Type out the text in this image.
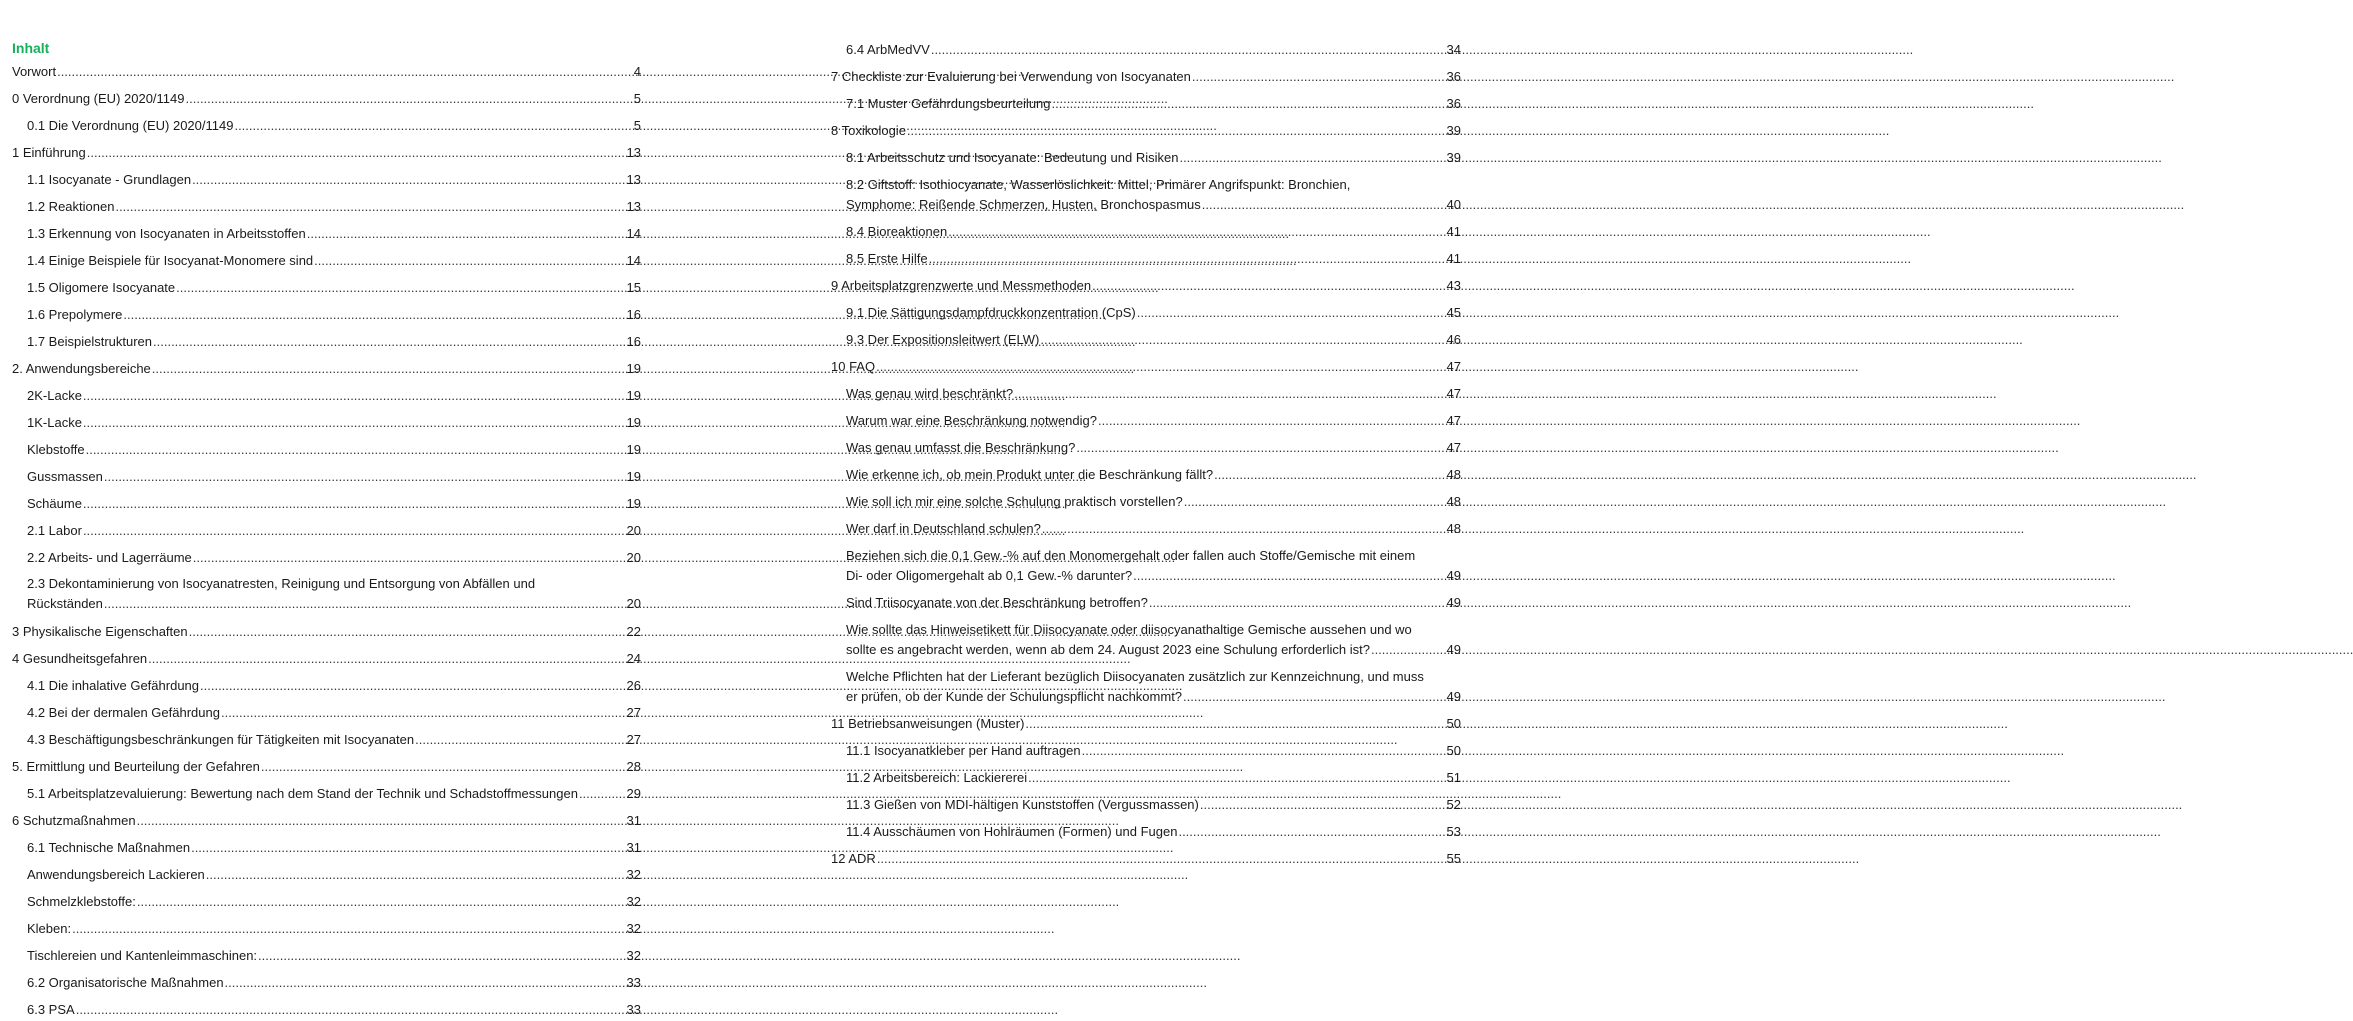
Inhalt
Vorwort .....	4
0 Verordnung (EU) 2020/1149 .....	5
0.1 Die Verordnung (EU) 2020/1149 .....	5
1 Einführung .....	13
1.1 Isocyanate - Grundlagen .....	13
1.2 Reaktionen .....	13
1.3 Erkennung von Isocyanaten in Arbeitsstoffen .....	14
1.4 Einige Beispiele für Isocyanat-Monomere sind .....	14
1.5 Oligomere Isocyanate .....	15
1.6 Prepolymere .....	16
1.7 Beispielstrukturen .....	16
2. Anwendungsbereiche .....	19
2K-Lacke .....	19
1K-Lacke .....	19
Klebstoffe .....	19
Gussmassen .....	19
Schäume .....	19
2.1 Labor .....	20
2.2 Arbeits- und Lagerräume .....	20
2.3 Dekontaminierung von Isocyanatresten, Reinigung und Entsorgung von Abfällen und
Rückständen .....	20
3 Physikalische Eigenschaften .....	22
4 Gesundheitsgefahren .....	24
4.1 Die inhalative Gefährdung .....	26
4.2 Bei der dermalen Gefährdung .....	27
4.3 Beschäftigungsbeschränkungen für Tätigkeiten mit Isocyanaten .....	27
5. Ermittlung und Beurteilung der Gefahren .....	28
5.1 Arbeitsplatzevaluierung: Bewertung nach dem Stand der Technik und Schadstoffmessungen .....	29
6 Schutzmaßnahmen .....	31
6.1 Technische Maßnahmen .....	31
Anwendungsbereich Lackieren .....	32
Schmelzklebstoffe: .....	32
Kleben: .....	32
Tischlereien und Kantenleimmaschinen: .....	32
6.2 Organisatorische Maßnahmen .....	33
6.3 PSA .....	33
6.4 ArbMedVV .....	34
7 Checkliste zur Evaluierung bei Verwendung von Isocyanaten .....	36
7.1 Muster Gefährdungsbeurteilung .....	36
8 Toxikologie .....	39
8.1 Arbeitsschutz und Isocyanate: Bedeutung und Risiken .....	39
8.2 Giftstoff: Isothiocyanate, Wasserlöslichkeit: Mittel, Primärer Angrifspunkt: Bronchien,
Symphome: Reißende Schmerzen, Husten, Bronchospasmus .....	40
8.4 Bioreaktionen .....	41
8.5 Erste Hilfe .....	41
9 Arbeitsplatzgrenzwerte und Messmethoden .....	43
9.1 Die Sättigungsdampfdruckkonzentration (CpS) .....	45
9.3 Der Expositionsleitwert (ELW) .....	46
10 FAQ .....	47
Was genau wird beschränkt? .....	47
Warum war eine Beschränkung notwendig? .....	47
Was genau umfasst die Beschränkung? .....	47
Wie erkenne ich, ob mein Produkt unter die Beschränkung fällt? .....	48
Wie soll ich mir eine solche Schulung praktisch vorstellen? .....	48
Wer darf in Deutschland schulen? .....	48
Beziehen sich die 0,1 Gew.-% auf den Monomergehalt oder fallen auch Stoffe/Gemische mit einem
Di- oder Oligomergehalt ab 0,1 Gew.-% darunter? .....	49
Sind Triisocyanate von der Beschränkung betroffen? .....	49
Wie sollte das Hinweisetikett für Diisocyanate oder diisocyanathaltige Gemische aussehen und wo
sollte es angebracht werden, wenn ab dem 24. August 2023 eine Schulung erforderlich ist? .....	49
Welche Pflichten hat der Lieferant bezüglich Diisocyanaten zusätzlich zur Kennzeichnung, und muss
er prüfen, ob der Kunde der Schulungspflicht nachkommt? .....	49
11 Betriebsanweisungen (Muster) .....	50
11.1 Isocyanatkleber per Hand auftragen .....	50
11.2 Arbeitsbereich: Lackiererei .....	51
11.3 Gießen von MDI-hältigen Kunststoffen (Vergussmassen) .....	52
11.4 Ausschäumen von Hohlräumen (Formen) und Fugen .....	53
12 ADR .....	55
